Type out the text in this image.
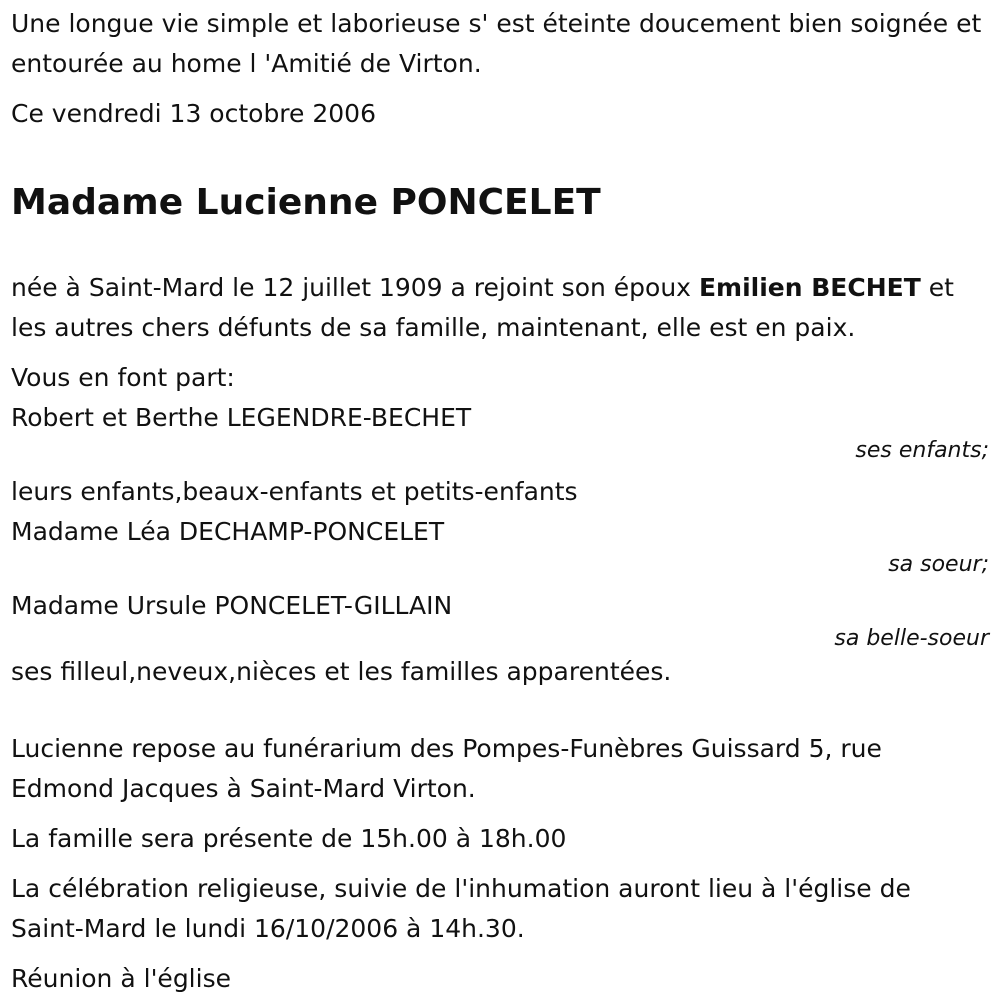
Une longue vie simple et laborieuse s' est éteinte doucement bien soignée et entourée au home l 'Amitié de Virton.

Ce vendredi 13 octobre 2006

Madame Lucienne PONCELET

née à Saint-Mard le 12 juillet 1909 a rejoint son époux Emilien BECHET et les autres chers défunts de sa famille, maintenant, elle est en paix.

Vous en font part:

Robert et Berthe LEGENDRE-BECHET

ses enfants;

leurs enfants,beaux-enfants et petits-enfants

Madame Léa DECHAMP-PONCELET

sa soeur;

Madame Ursule PONCELET-GILLAIN

sa belle-soeur

ses filleul,neveux,nièces et les familles apparentées.

Lucienne repose au funérarium des Pompes-Funèbres Guissard 5, rue Edmond Jacques à Saint-Mard Virton.

La famille sera présente de 15h.00 à 18h.00

La célébration religieuse, suivie de l'inhumation auront lieu à l'église de Saint-Mard le lundi 16/10/2006 à 14h.30.

Réunion à l'église
